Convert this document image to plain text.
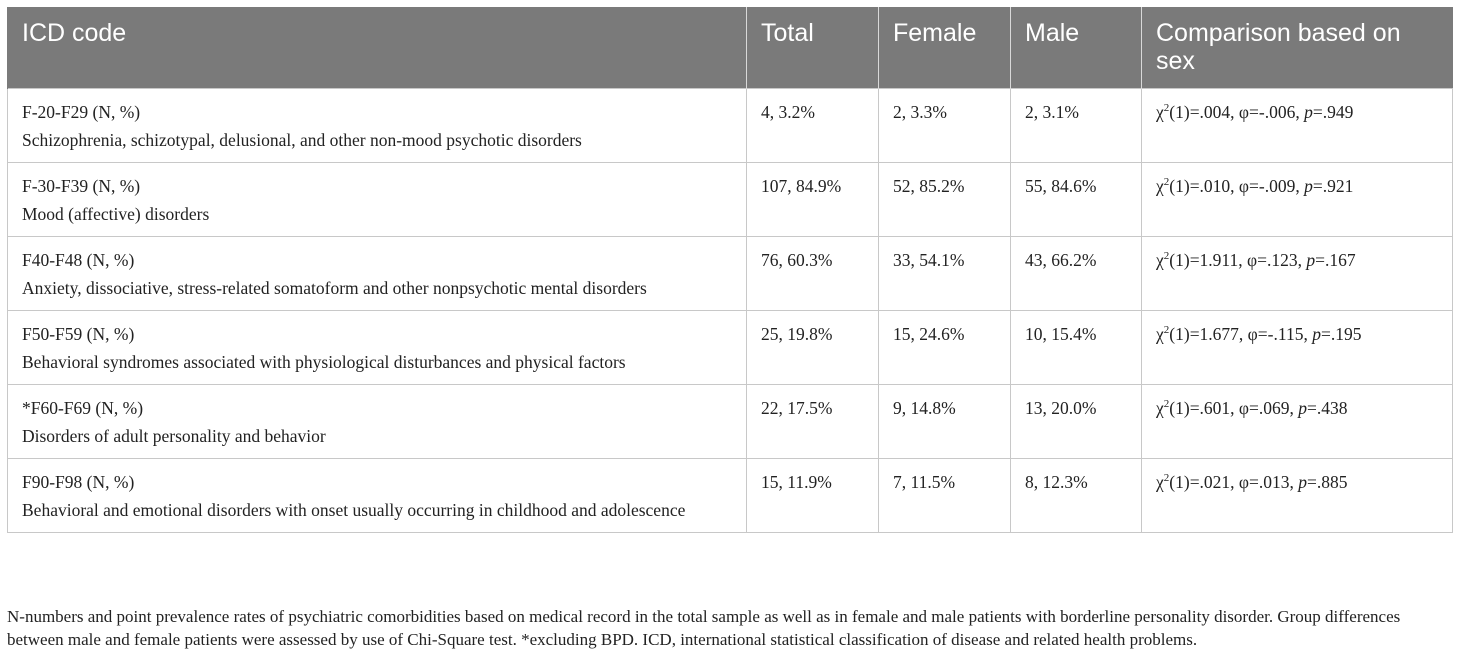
ICD code	Total	Female	Male	Comparison based on sex

F-20-F29 (N, %)
Schizophrenia, schizotypal, delusional, and other non-mood psychotic disorders	4, 3.2%	2, 3.3%	2, 3.1%	$\chi^2(1)=.004$, φ=-.006, p=.949

F-30-F39 (N, %)
Mood (affective) disorders	107, 84.9%	52, 85.2%	55, 84.6%	$\chi^2(1)=.010$, φ=-.009, p=.921

F40-F48 (N, %)
Anxiety, dissociative, stress-related somatoform and other nonpsychotic mental disorders	76, 60.3%	33, 54.1%	43, 66.2%	$\chi^2(1)=1.911$, φ=.123, p=.167

F50-F59 (N, %)
Behavioral syndromes associated with physiological disturbances and physical factors	25, 19.8%	15, 24.6%	10, 15.4%	$\chi^2(1)=1.677$, φ=-.115, p=.195

*F60-F69 (N, %)
Disorders of adult personality and behavior	22, 17.5%	9, 14.8%	13, 20.0%	$\chi^2(1)=.601$, φ=.069, p=.438

F90-F98 (N, %)
Behavioral and emotional disorders with onset usually occurring in childhood and adolescence	15, 11.9%	7, 11.5%	8, 12.3%	$\chi^2(1)=.021$, φ=.013, p=.885
N-numbers and point prevalence rates of psychiatric comorbidities based on medical record in the total sample as well as in female and male patients with borderline personality disorder. Group differences between male and female patients were assessed by use of Chi-Square test. *excluding BPD. ICD, international statistical classification of disease and related health problems.
